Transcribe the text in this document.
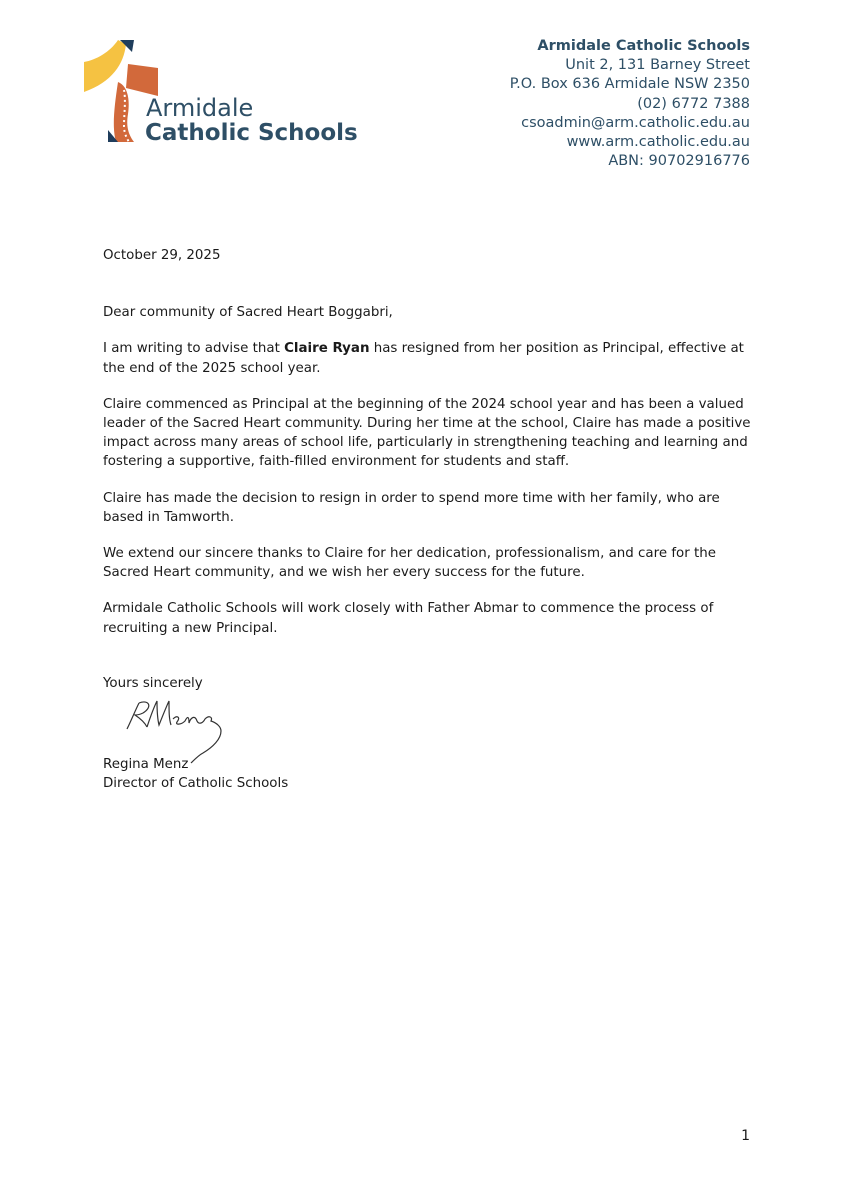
Armidale
Catholic Schools
Armidale Catholic Schools
Unit 2, 131 Barney Street
P.O. Box 636 Armidale NSW 2350
(02) 6772 7388
csoadmin@arm.catholic.edu.au
www.arm.catholic.edu.au
ABN: 90702916776

October 29, 2025

Dear community of Sacred Heart Boggabri,

I am writing to advise that Claire Ryan has resigned from her position as Principal, effective at the end of the 2025 school year.

Claire commenced as Principal at the beginning of the 2024 school year and has been a valued leader of the Sacred Heart community. During her time at the school, Claire has made a positive impact across many areas of school life, particularly in strengthening teaching and learning and fostering a supportive, faith-filled environment for students and staff.

Claire has made the decision to resign in order to spend more time with her family, who are based in Tamworth.

We extend our sincere thanks to Claire for her dedication, professionalism, and care for the Sacred Heart community, and we wish her every success for the future.

Armidale Catholic Schools will work closely with Father Abmar to commence the process of recruiting a new Principal.

Yours sincerely

Regina Menz

Director of Catholic Schools

1
